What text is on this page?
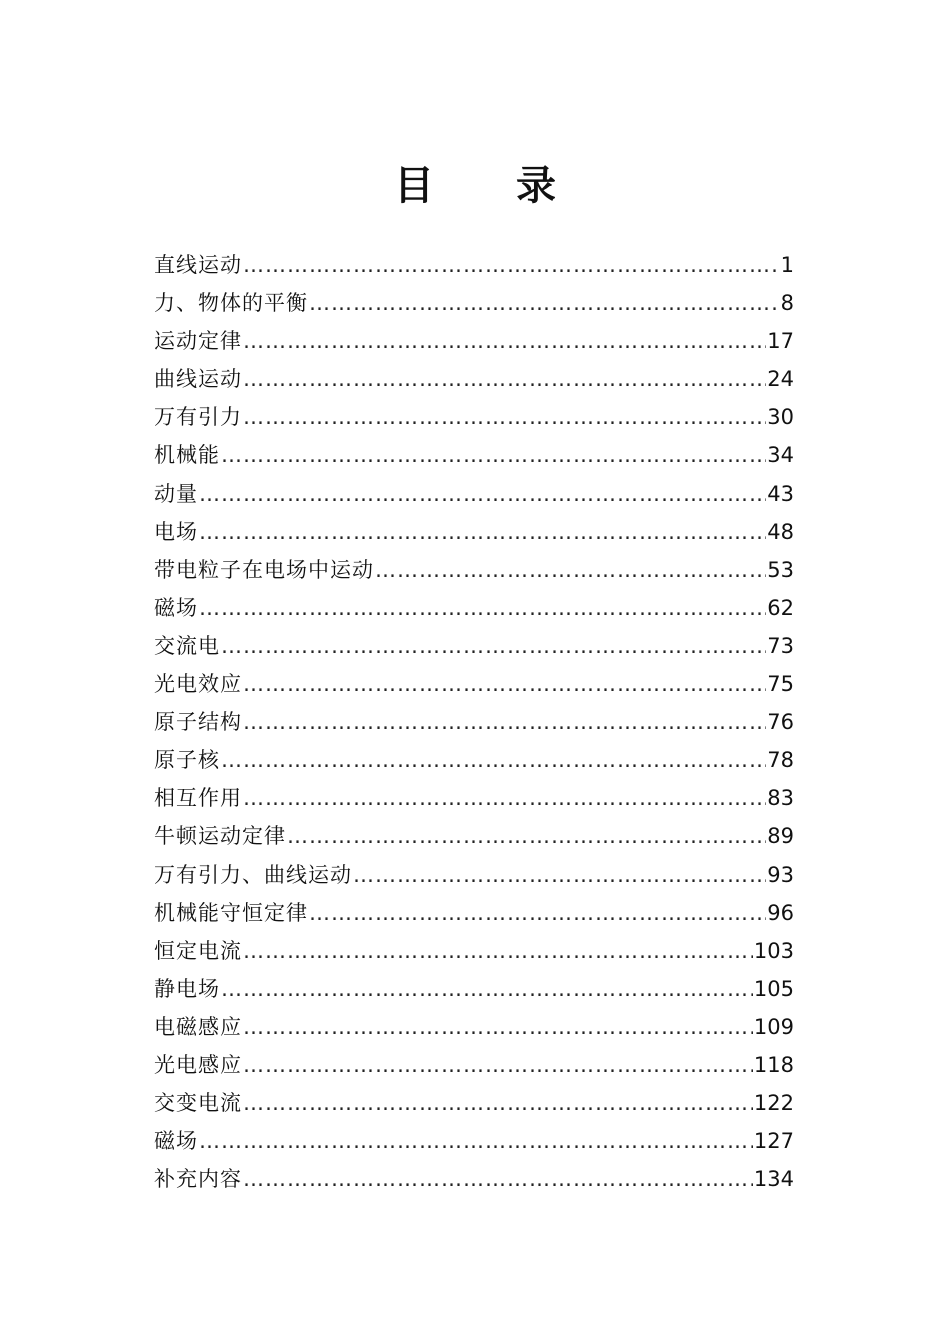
目 录
直线运动 ……………………………………………………………………………………………………………………………………………………………	1
力、物体的平衡 ……………………………………………………………………………………………………………………………………………………………	8
运动定律 ……………………………………………………………………………………………………………………………………………………………	17
曲线运动 ……………………………………………………………………………………………………………………………………………………………	24
万有引力 ……………………………………………………………………………………………………………………………………………………………	30
机械能 ……………………………………………………………………………………………………………………………………………………………	34
动量 ……………………………………………………………………………………………………………………………………………………………	43
电场 ……………………………………………………………………………………………………………………………………………………………	48
带电粒子在电场中运动 ……………………………………………………………………………………………………………………………………………………………	53
磁场 ……………………………………………………………………………………………………………………………………………………………	62
交流电 ……………………………………………………………………………………………………………………………………………………………	73
光电效应 ……………………………………………………………………………………………………………………………………………………………	75
原子结构 ……………………………………………………………………………………………………………………………………………………………	76
原子核 ……………………………………………………………………………………………………………………………………………………………	78
相互作用 ……………………………………………………………………………………………………………………………………………………………	83
牛顿运动定律 ……………………………………………………………………………………………………………………………………………………………	89
万有引力、曲线运动 ……………………………………………………………………………………………………………………………………………………………	93
机械能守恒定律 ……………………………………………………………………………………………………………………………………………………………	96
恒定电流 ……………………………………………………………………………………………………………………………………………………………	103
静电场 ……………………………………………………………………………………………………………………………………………………………	105
电磁感应 ……………………………………………………………………………………………………………………………………………………………	109
光电感应 ……………………………………………………………………………………………………………………………………………………………	118
交变电流 ……………………………………………………………………………………………………………………………………………………………	122
磁场 ……………………………………………………………………………………………………………………………………………………………	127
补充内容 ……………………………………………………………………………………………………………………………………………………………	134
